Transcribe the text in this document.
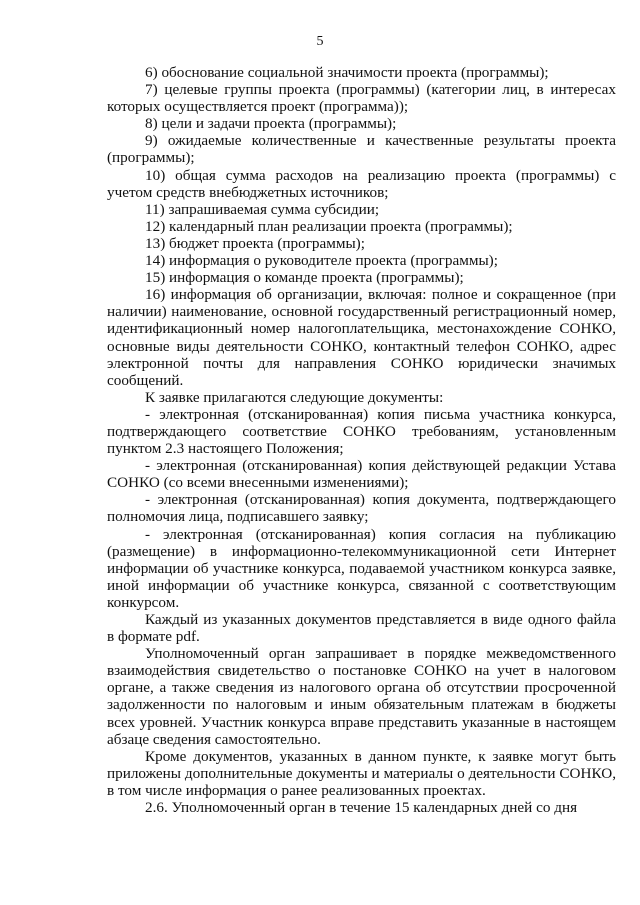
5

6) обоснование социальной значимости проекта (программы);

7) целевые группы проекта (программы) (категории лиц, в интересах которых осуществляется проект (программа));

8) цели и задачи проекта (программы);

9) ожидаемые количественные и качественные результаты проекта (программы);

10) общая сумма расходов на реализацию проекта (программы) с учетом средств внебюджетных источников;

11) запрашиваемая сумма субсидии;

12) календарный план реализации проекта (программы);

13) бюджет проекта (программы);

14) информация о руководителе проекта (программы);

15) информация о команде проекта (программы);

16) информация об организации, включая: полное и сокращенное (при наличии) наименование, основной государственный регистрационный номер, идентификационный номер налогоплательщика, местонахождение СОНКО, основные виды деятельности СОНКО, контактный телефон СОНКО, адрес электронной почты для направления СОНКО юридически значимых сообщений.

К заявке прилагаются следующие документы:

- электронная (отсканированная) копия письма участника конкурса, подтверждающего соответствие СОНКО требованиям, установленным пунктом 2.3 настоящего Положения;

- электронная (отсканированная) копия действующей редакции Устава СОНКО (со всеми внесенными изменениями);

- электронная (отсканированная) копия документа, подтверждающего полномочия лица, подписавшего заявку;

- электронная (отсканированная) копия согласия на публикацию (размещение) в информационно-телекоммуникационной сети Интернет информации об участнике конкурса, подаваемой участником конкурса заявке, иной информации об участнике конкурса, связанной с соответствующим конкурсом.

Каждый из указанных документов представляется в виде одного файла в формате pdf.

Уполномоченный орган запрашивает в порядке межведомственного взаимодействия свидетельство о постановке СОНКО на учет в налоговом органе, а также сведения из налогового органа об отсутствии просроченной задолженности по налоговым и иным обязательным платежам в бюджеты всех уровней. Участник конкурса вправе представить указанные в настоящем абзаце сведения самостоятельно.

Кроме документов, указанных в данном пункте, к заявке могут быть приложены дополнительные документы и материалы о деятельности СОНКО, в том числе информация о ранее реализованных проектах.

2.6. Уполномоченный орган в течение 15 календарных дней со дня
